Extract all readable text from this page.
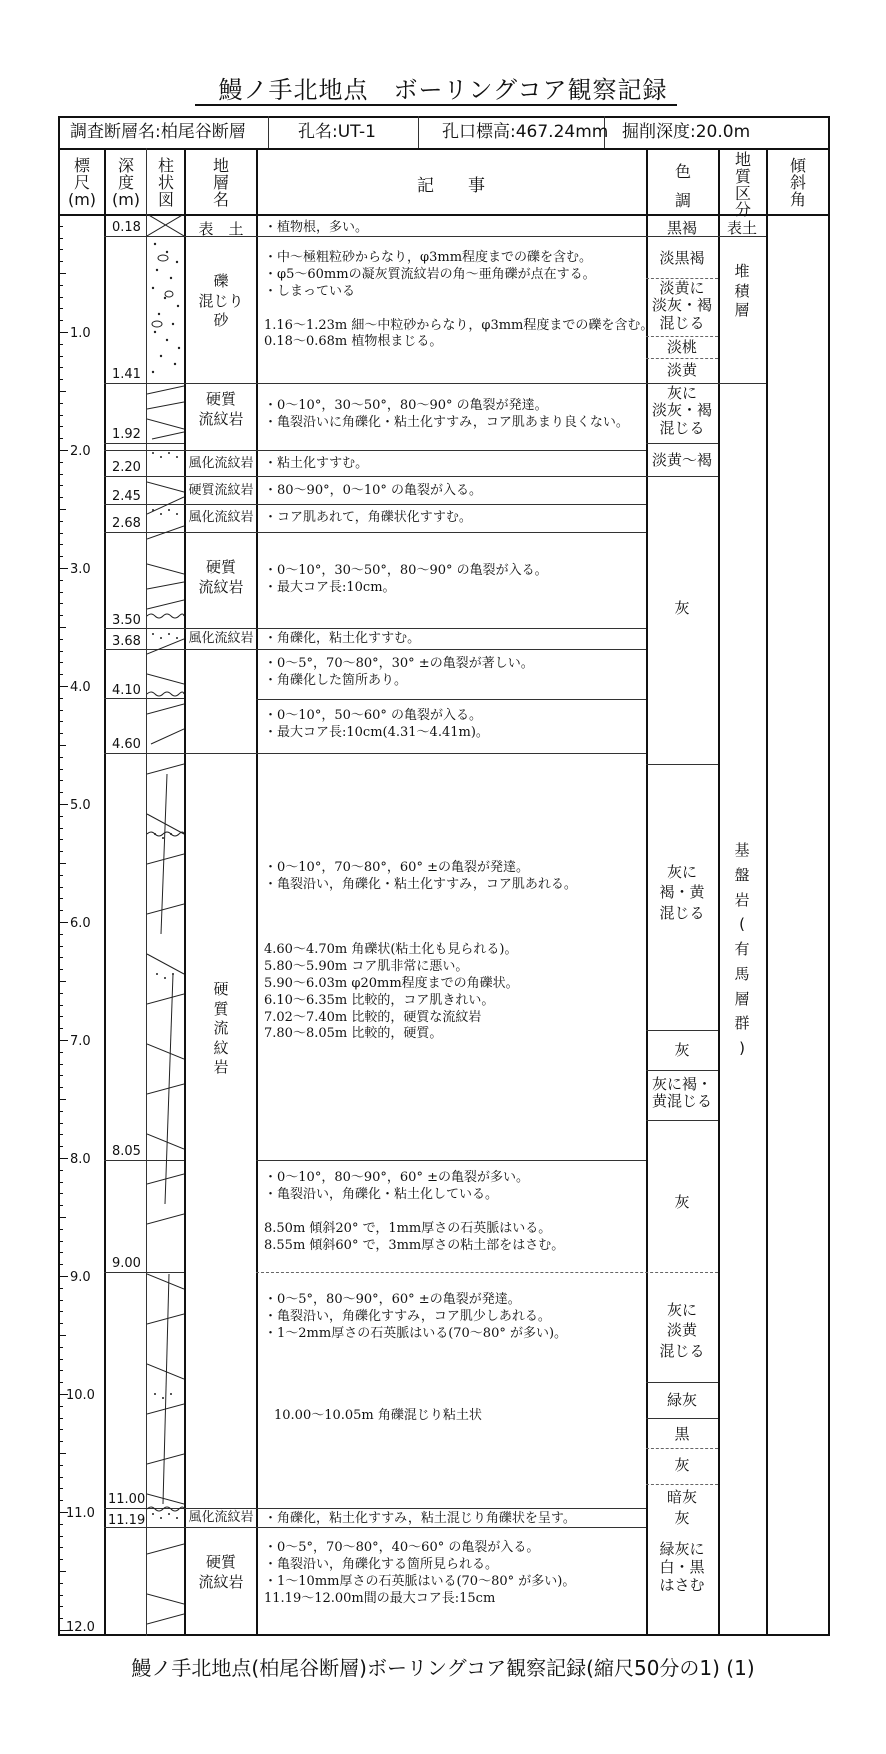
鰻ノ手北地点　ボーリングコア観察記録
調査断層名:柏尾谷断層	孔名:UT-1	孔口標高:467.24mm 掘削深度:20.0m
標
尺
(m)
深
度
(m)
柱
状
図
地
層
名
記　　事
色
調
地
質
区
分
傾
斜
角
1.0
2.0
3.0
4.0
5.0
6.0
7.0
8.0
9.0
10.0
11.0
12.0
0.18
1.41
1.92
2.20
2.45
2.68
3.50
3.68
4.10
4.60
8.05
9.00
11.00
11.19
表　土
礫
混じり
砂
硬質
流紋岩
風化流紋岩
硬質流紋岩
風化流紋岩
硬質
流紋岩
風化流紋岩
硬
質
流
紋
岩
風化流紋岩
硬質
流紋岩
・植物根，多い。
・中～極粗粒砂からなり，φ3mm程度までの礫を含む。
・φ5～60mmの凝灰質流紋岩の角～亜角礫が点在する。
・しまっている

1.16～1.23m 細～中粒砂からなり，φ3mm程度までの礫を含む。
0.18～0.68m 植物根まじる。
・0～10°，30～50°，80～90° の亀裂が発達。
・亀裂沿いに角礫化・粘土化すすみ，コア肌あまり良くない。
・粘土化すすむ。
・80～90°，0～10° の亀裂が入る。
・コア肌あれて，角礫状化すすむ。
・0～10°，30～50°，80～90° の亀裂が入る。
・最大コア長:10cm。
・角礫化，粘土化すすむ。
・0～5°，70～80°，30° ±の亀裂が著しい。
・角礫化した箇所あり。
・0～10°，50～60° の亀裂が入る。
・最大コア長:10cm(4.31～4.41m)。
・0～10°，70～80°，60° ±の亀裂が発達。
・亀裂沿い，角礫化・粘土化すすみ，コア肌あれる。
4.60～4.70m 角礫状(粘土化も見られる)。
5.80～5.90m コア肌非常に悪い。
5.90～6.03m φ20mm程度までの角礫状。
6.10～6.35m 比較的，コア肌きれい。
7.02～7.40m 比較的，硬質な流紋岩
7.80～8.05m 比較的，硬質。
・0～10°，80～90°，60° ±の亀裂が多い。
・亀裂沿い，角礫化・粘土化している。

8.50m 傾斜20° で，1mm厚さの石英脈はいる。
8.55m 傾斜60° で，3mm厚さの粘土部をはさむ。
・0～5°，80～90°，60° ±の亀裂が発達。
・亀裂沿い，角礫化すすみ，コア肌少しあれる。
・1～2mm厚さの石英脈はいる(70～80° が多い)。
10.00～10.05m 角礫混じり粘土状
・角礫化，粘土化すすみ，粘土混じり角礫状を呈す。
・0～5°，70～80°，40～60° の亀裂が入る。
・亀裂沿い，角礫化する箇所見られる。
・1～10mm厚さの石英脈はいる(70～80° が多い)。
11.19～12.00m間の最大コア長:15cm
黒褐
淡黒褐
淡黄に
淡灰・褐
混じる
淡桃
淡黄
灰に
淡灰・褐
混じる
淡黄～褐
灰
灰に
褐・黄
混じる
灰
灰に褐・
黄混じる
灰
灰に
淡黄
混じる
緑灰
黒
灰
暗灰
灰
緑灰に
白・黒
はさむ
表土
堆
積
層
基
盤
岩
(
有
馬
層
群
)
鰻ノ手北地点(柏尾谷断層)ボーリングコア観察記録(縮尺50分の1) (1)
